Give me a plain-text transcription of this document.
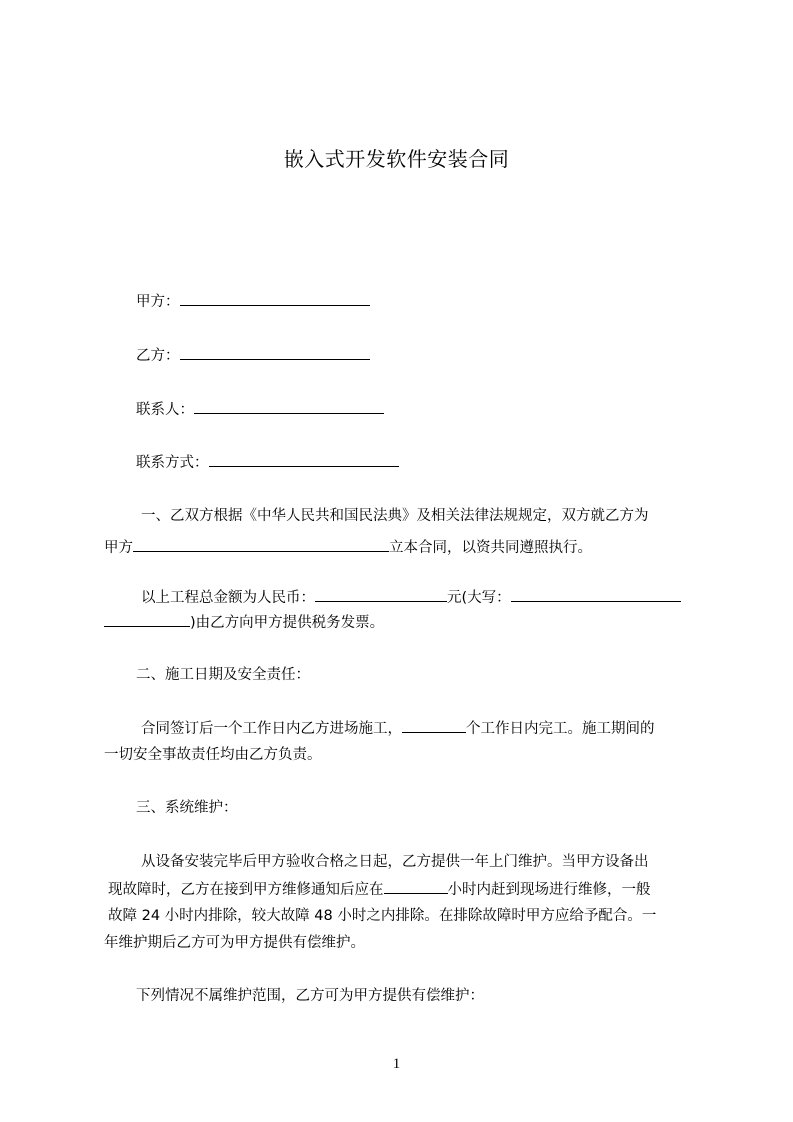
嵌入式开发软件安装合同
甲方：
乙方：
联系人：
联系方式：
一、乙双方根据《中华人民共和国民法典》及相关法律法规规定，双方就乙方为
甲方	立本合同，以资共同遵照执行。
以上工程总金额为人民币：	元(大写：
)由乙方向甲方提供税务发票。
二、施工日期及安全责任：
合同签订后一个工作日内乙方进场施工，	个工作日内完工。施工期间的
一切安全事故责任均由乙方负责。
三、系统维护：
从设备安装完毕后甲方验收合格之日起，乙方提供一年上门维护。当甲方设备出
现故障时，乙方在接到甲方维修通知后应在	小时内赶到现场进行维修，一般
故障 24 小时内排除，较大故障 48 小时之内排除。在排除故障时甲方应给予配合。一
年维护期后乙方可为甲方提供有偿维护。
下列情况不属维护范围，乙方可为甲方提供有偿维护：
1
